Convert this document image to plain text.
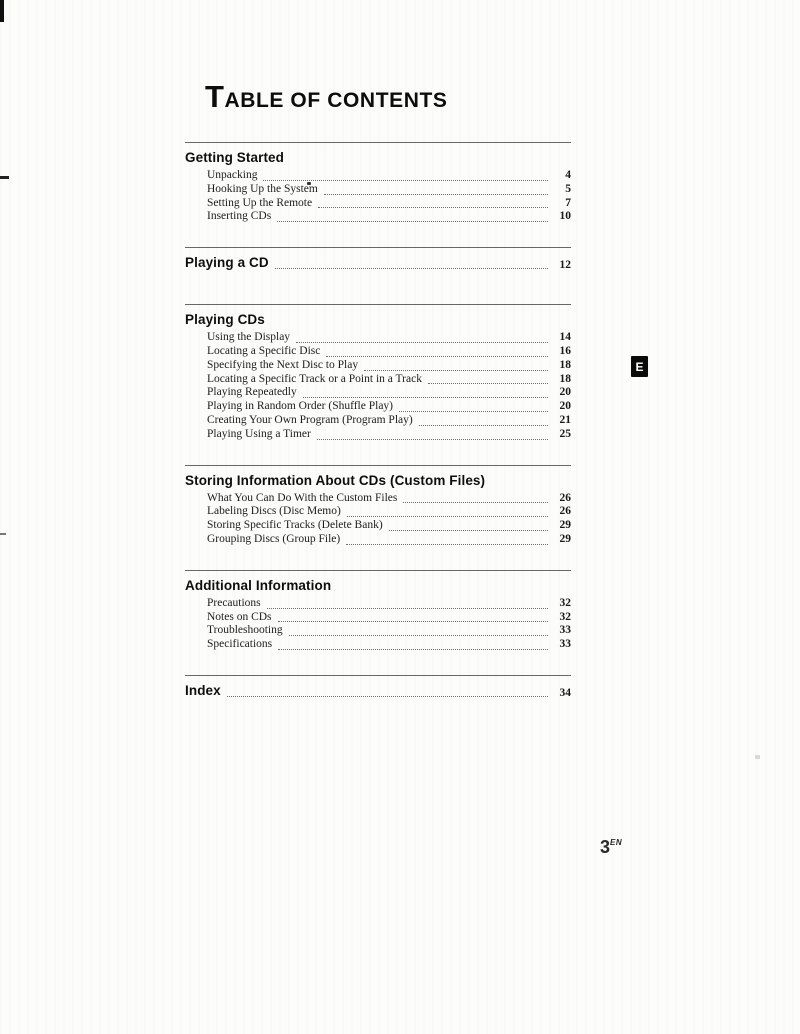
TABLE OF CONTENTS
Getting Started
Unpacking	4
Hooking Up the System	5
Setting Up the Remote	7
Inserting CDs	10
Playing a CD	12
Playing CDs
Using the Display	14
Locating a Specific Disc	16
Specifying the Next Disc to Play	18
Locating a Specific Track or a Point in a Track	18
Playing Repeatedly	20
Playing in Random Order (Shuffle Play)	20
Creating Your Own Program (Program Play)	21
Playing Using a Timer	25
Storing Information About CDs (Custom Files)
What You Can Do With the Custom Files	26
Labeling Discs (Disc Memo)	26
Storing Specific Tracks (Delete Bank)	29
Grouping Discs (Group File)	29
Additional Information
Precautions	32
Notes on CDs	32
Troubleshooting	33
Specifications	33
Index	34
E
$3^{EN}$
